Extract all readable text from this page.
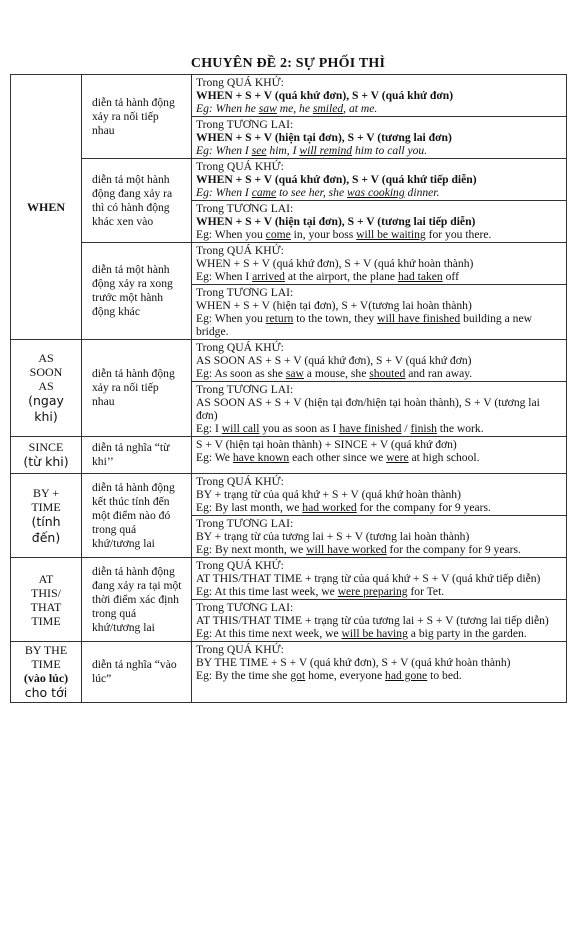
CHUYÊN ĐỀ 2: SỰ PHỐI THÌ
WHEN	diễn tả hành động xảy ra nối tiếp nhau	Trong QUÁ KHỨ:
WHEN + S + V (quá khứ đơn), S + V (quá khứ đơn)
Eg: When he saw me, he smiled, at me.

		Trong TƯƠNG LAI:
WHEN + S + V (hiện tại đơn), S + V (tương lai đơn)
Eg: When I see him, I will remind him to call you.

	diễn tả một hành động đang xảy ra thì có hành động khác xen vào	Trong QUÁ KHỨ:
WHEN + S + V (quá khứ đơn), S + V (quá khứ tiếp diễn)
Eg: When I came to see her, she was cooking dinner.

		Trong TƯƠNG LAI:
WHEN + S + V (hiện tại đơn), S + V (tương lai tiếp diễn)
Eg: When you come in, your boss will be waiting for you there.

	diễn tả một hành động xảy ra xong trước một hành động khác	Trong QUÁ KHỨ:
WHEN + S + V (quá khứ đơn), S + V (quá khứ hoàn thành)
Eg: When I arrived at the airport, the plane had taken off

		Trong TƯƠNG LAI:
WHEN + S + V (hiện tại đơn), S + V(tương lai hoàn thành)
Eg: When you return to the town, they will have finished building a new bridge.

AS
SOON
AS
(ngay
khi)	diễn tả hành động xảy ra nối tiếp nhau	Trong QUÁ KHỨ:
AS SOON AS + S + V (quá khứ đơn), S + V (quá khứ đơn)
Eg: As soon as she saw a mouse, she shouted and ran away.

		Trong TƯƠNG LAI:
AS SOON AS + S + V (hiện tại đơn/hiện tại hoàn thành), S + V (tương lai đơn)
Eg: I will call you as soon as I have finished / finish the work.

SINCE
(từ khi)	diễn tả nghĩa “từ khi’’	S + V (hiện tại hoàn thành) + SINCE + V (quá khứ đơn)
Eg: We have known each other since we were at high school.

BY +
TIME
(tính
đến)	diễn tả hành động kết thúc tính đến một điểm nào đó trong quá khứ/tương lai	Trong QUÁ KHỨ:
BY + trạng từ của quá khứ + S + V (quá khứ hoàn thành)
Eg: By last month, we had worked for the company for 9 years.

		Trong TƯƠNG LAI:
BY + trạng từ của tương lai + S + V (tương lai hoàn thành)
Eg: By next month, we will have worked for the company for 9 years.

AT
THIS/
THAT
TIME	diễn tả hành động đang xảy ra tại một thời điểm xác định trong quá khứ/tương lai	Trong QUÁ KHỨ:
AT THIS/THAT TIME + trạng từ của quá khứ + S + V (quá khứ tiếp diễn)
Eg: At this time last week, we were preparing for Tet.

		Trong TƯƠNG LAI:
AT THIS/THAT TIME + trạng từ của tương lai + S + V (tương lai tiếp diễn)
Eg: At this time next week, we will be having a big party in the garden.

BY THE
TIME
(vào lúc)
cho tới	diễn tả nghĩa “vào lúc”	Trong QUÁ KHỨ:
BY THE TIME + S + V (quá khứ đơn), S + V (quá khứ hoàn thành)
Eg: By the time she got home, everyone had gone to bed.
